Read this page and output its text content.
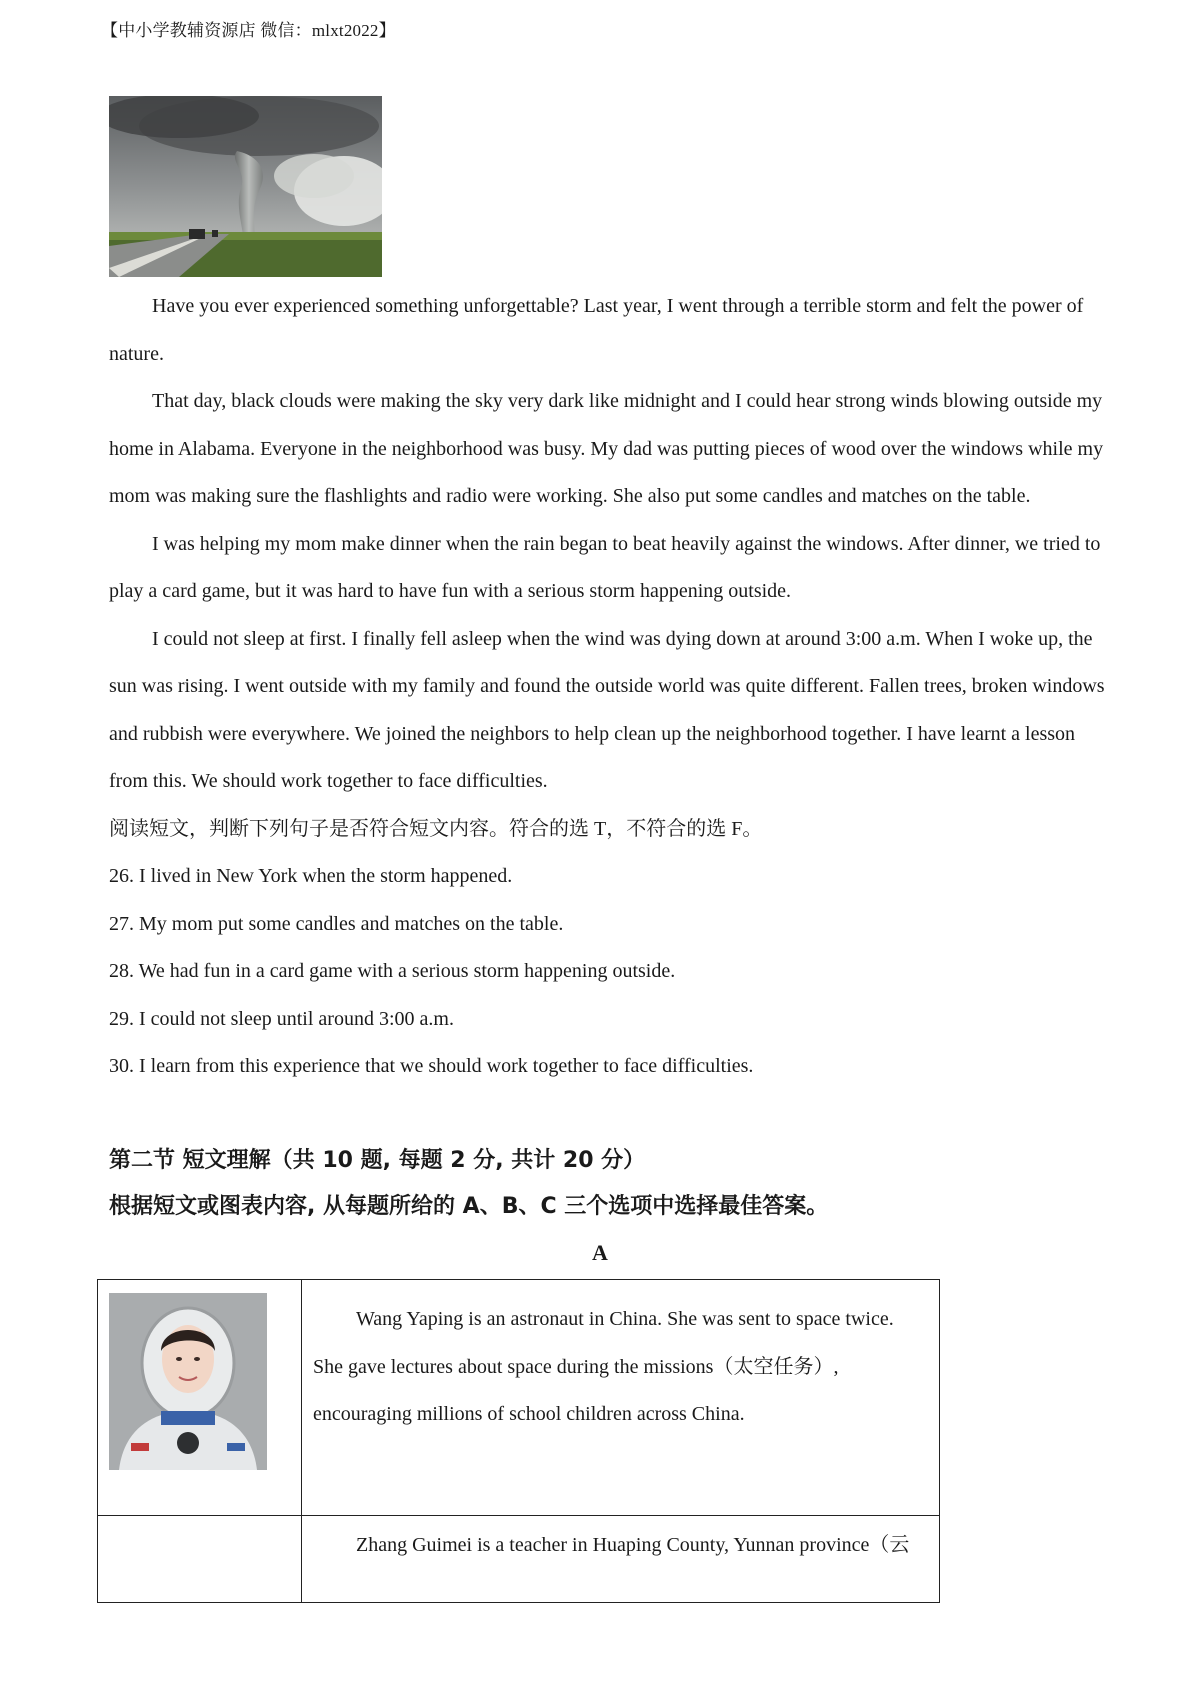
【中小学教辅资源店 微信：mlxt2022】

Have you ever experienced something unforgettable? Last year, I went through a terrible storm and felt the power of nature.

That day, black clouds were making the sky very dark like midnight and I could hear strong winds blowing outside my home in Alabama. Everyone in the neighborhood was busy. My dad was putting pieces of wood over the windows while my mom was making sure the flashlights and radio were working. She also put some candles and matches on the table.

I was helping my mom make dinner when the rain began to beat heavily against the windows. After dinner, we tried to play a card game, but it was hard to have fun with a serious storm happening outside.

I could not sleep at first. I finally fell asleep when the wind was dying down at around 3:00 a.m. When I woke up, the sun was rising. I went outside with my family and found the outside world was quite different. Fallen trees, broken windows and rubbish were everywhere. We joined the neighbors to help clean up the neighborhood together. I have learnt a lesson from this. We should work together to face difficulties.

阅读短文，判断下列句子是否符合短文内容。符合的选 T，不符合的选 F。
26. I lived in New York when the storm happened.
27. My mom put some candles and matches on the table.
28. We had fun in a card game with a serious storm happening outside.
29. I could not sleep until around 3:00 a.m.
30. I learn from this experience that we should work together to face difficulties.
第二节 短文理解（共 10 题, 每题 2 分, 共计 20 分）
根据短文或图表内容, 从每题所给的 A、B、C 三个选项中选择最佳答案。
A

Wang Yaping is an astronaut in China. She was sent to space twice. She gave lectures about space during the missions（太空任务）, encouraging millions of school children across China.

	Zhang Guimei is a teacher in Huaping County, Yunnan province（云
